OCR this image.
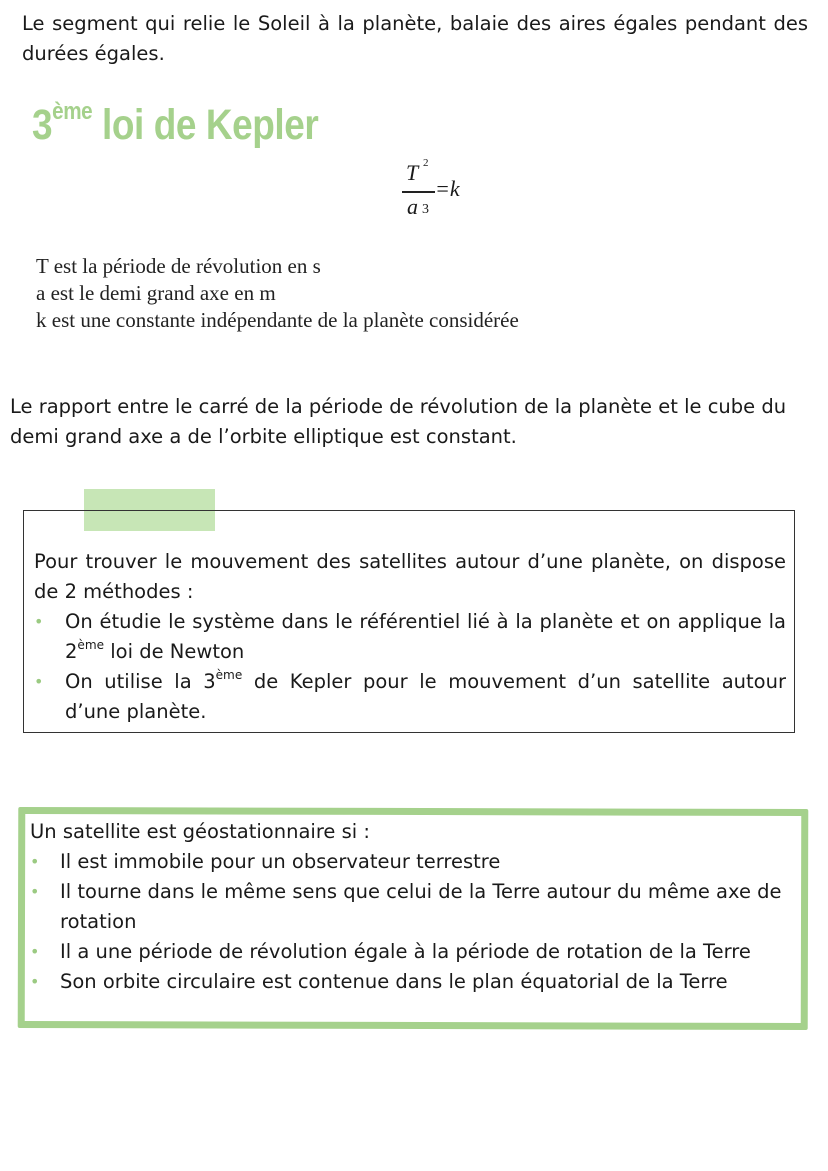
Le segment qui relie le Soleil à la planète, balaie des aires égales pendant des durées égales.

3ème loi de Kepler
T 2
a 3
=k
T est la période de révolution en s
a est le demi grand axe en m
k est une constante indépendante de la planète considérée

Le rapport entre le carré de la période de révolution de la planète et le cube du demi grand axe a de l’orbite elliptique est constant.

Pour trouver le mouvement des satellites autour d’une planète, on dispose de 2 méthodes :
• On étudie le système dans le référentiel lié à la planète et on applique la 2ème loi de Newton
• On utilise la 3ème de Kepler pour le mouvement d’un satellite autour d’une planète.
Un satellite est géostationnaire si :
• Il est immobile pour un observateur terrestre
• Il tourne dans le même sens que celui de la Terre autour du même axe de rotation
• Il a une période de révolution égale à la période de rotation de la Terre
• Son orbite circulaire est contenue dans le plan équatorial de la Terre
